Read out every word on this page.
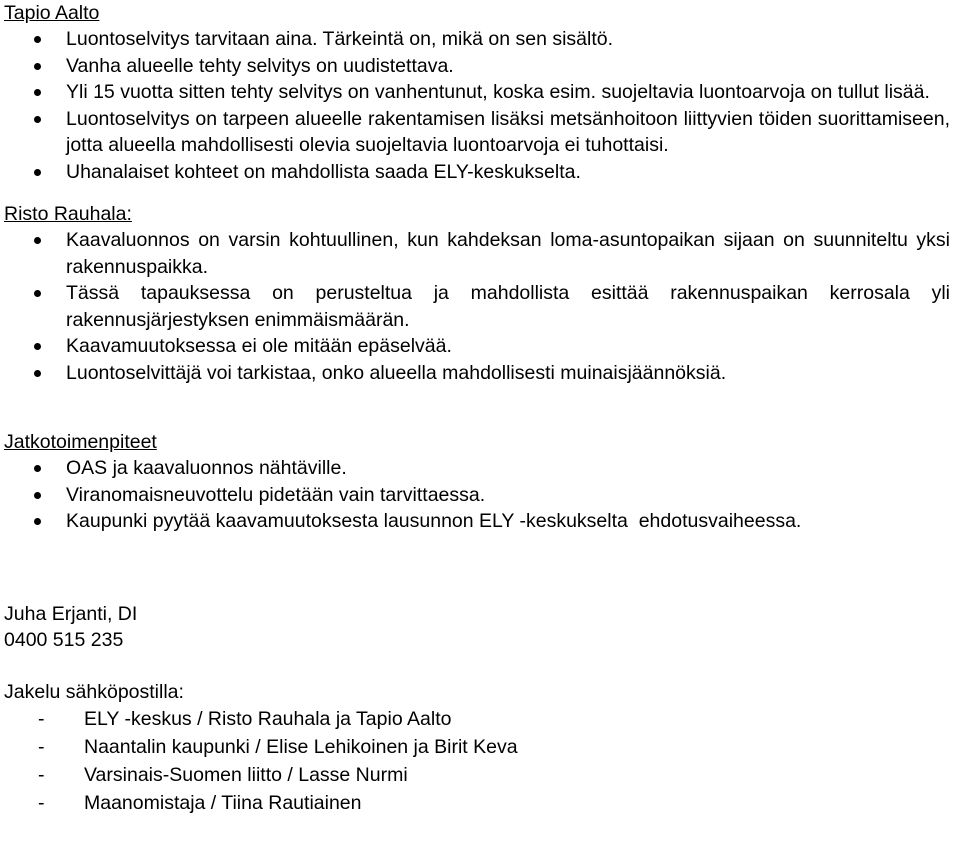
Tapio Aalto

Luontoselvitys tarvitaan aina. Tärkeintä on, mikä on sen sisältö.
Vanha alueelle tehty selvitys on uudistettava.
Yli 15 vuotta sitten tehty selvitys on vanhentunut, koska esim. suojeltavia luontoarvoja on tullut lisää.
Luontoselvitys on tarpeen alueelle rakentamisen lisäksi metsänhoitoon liittyvien töiden suorittamiseen, jotta alueella mahdollisesti olevia suojeltavia luontoarvoja ei tuhottaisi.
Uhanalaiset kohteet on mahdollista saada ELY-keskukselta.

Risto Rauhala:

Kaavaluonnos on varsin kohtuullinen, kun kahdeksan loma-asuntopaikan sijaan on suunniteltu yksi rakennuspaikka.
Tässä tapauksessa on perusteltua ja mahdollista esittää rakennuspaikan kerrosala yli rakennusjärjestyksen enimmäismäärän.
Kaavamuutoksessa ei ole mitään epäselvää.
Luontoselvittäjä voi tarkistaa, onko alueella mahdollisesti muinaisjäännöksiä.

Jatkotoimenpiteet

OAS ja kaavaluonnos nähtäville.
Viranomaisneuvottelu pidetään vain tarvittaessa.
Kaupunki pyytää kaavamuutoksesta lausunnon ELY -keskukselta  ehdotusvaiheessa.

Juha Erjanti, DI

0400 515 235

Jakelu sähköpostilla:

- ELY -keskus / Risto Rauhala ja Tapio Aalto
- Naantalin kaupunki / Elise Lehikoinen ja Birit Keva
- Varsinais-Suomen liitto / Lasse Nurmi
- Maanomistaja / Tiina Rautiainen
